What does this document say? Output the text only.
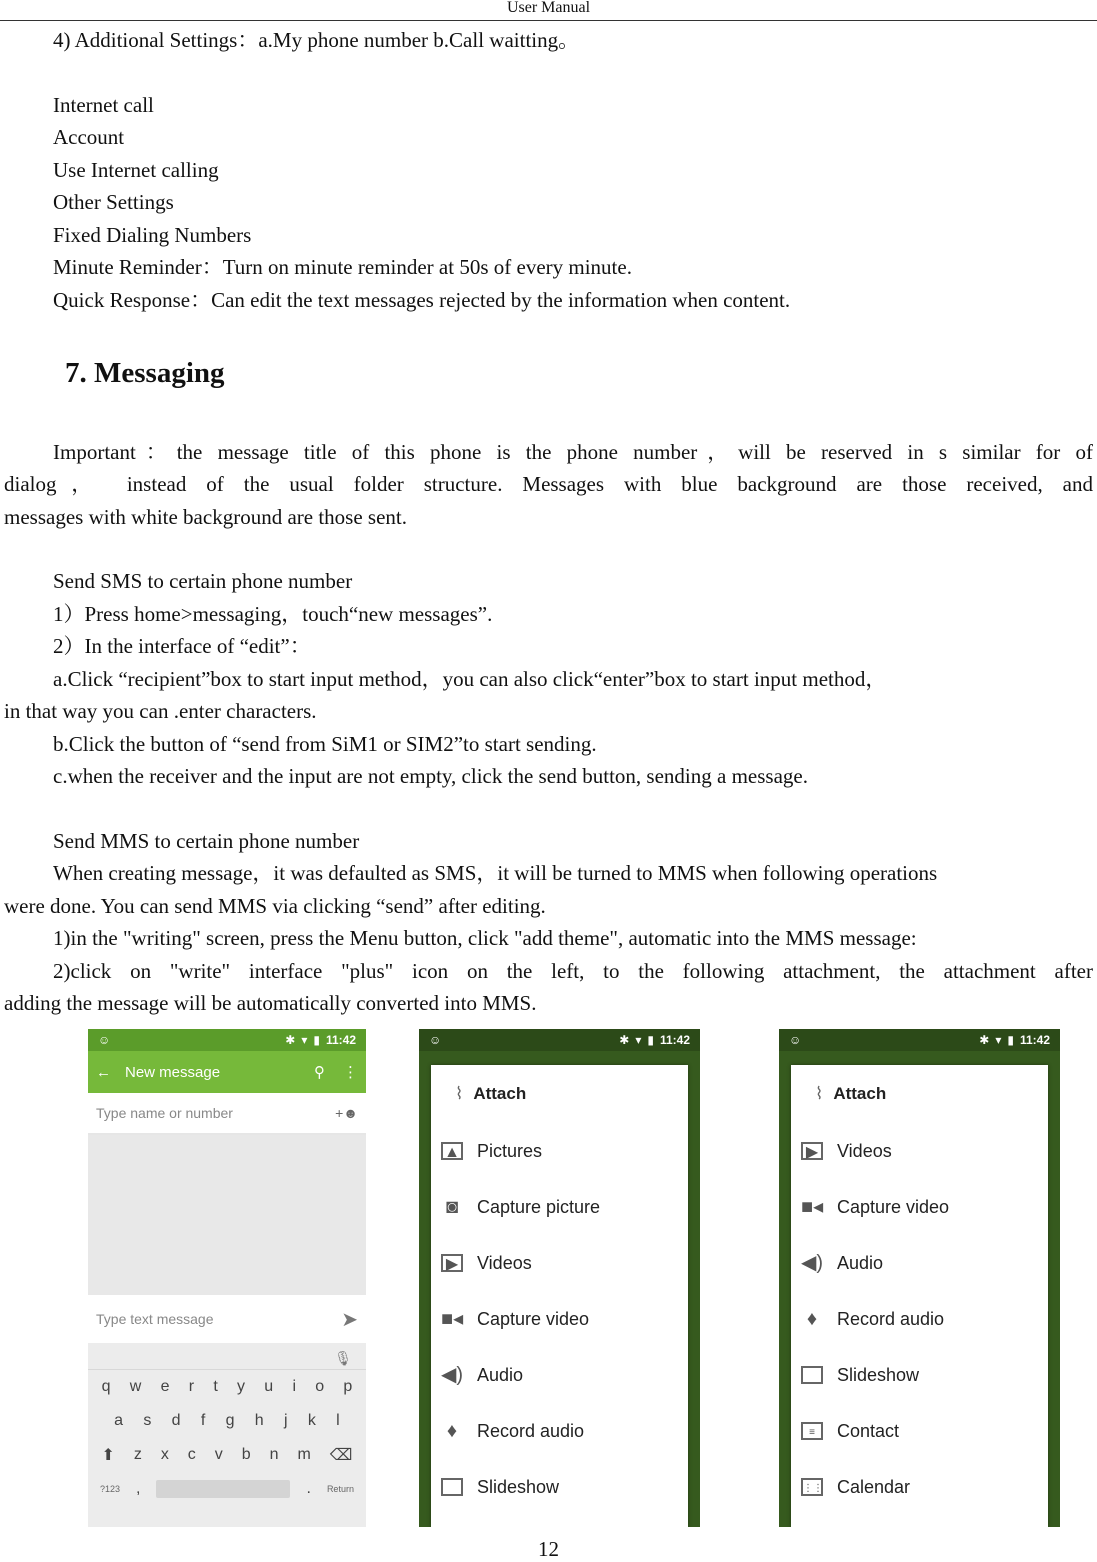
User Manual
4) Additional Settings：a.My phone number b.Call waitting。
Internet call
Account
Use Internet calling
Other Settings
Fixed Dialing Numbers
Minute Reminder：Turn on minute reminder at 50s of every minute.
Quick Response：Can edit the text messages rejected by the information when content.
7. Messaging
Important：the message title of this phone is the phone number，will be reserved in s similar for of
dialog， instead of the usual folder structure. Messages with blue background are those received, and
messages with white background are those sent.
Send SMS to certain phone number
1）Press home>messaging，touch“new messages”.
2）In the interface of “edit”：
a.Click “recipient”box to start input method，you can also click“enter”box to start input method，
in that way you can .enter characters.
b.Click the button of “send from SiM1 or SIM2”to start sending.
c.when the receiver and the input are not empty, click the send button, sending a message.
Send MMS to certain phone number
When creating message，it was defaulted as SMS，it will be turned to MMS when following operations
were done. You can send MMS via clicking “send” after editing.
1)in the "writing" screen, press the Menu button, click "add theme", automatic into the MMS message:
2)click on "write" interface "plus" icon on the left, to the following attachment, the attachment after
adding the message will be automatically converted into MMS.
☺	✱ ▾ ▮ 11:42
← New message	⚲ ⋮
Type name or number	+☻
Type text message	➤
🎙
q w e r t y u i o p
a s d f g h j k l
⬆ z x c v b n m ⌫
?123 ,	. Return
☺	✱ ▾ ▮ 11:42
⌇ Attach
▲ Pictures
◙ Capture picture
▶ Videos
■◂ Capture video
◀) Audio
♦	Record audio
Slideshow
☺	✱ ▾ ▮ 11:42
⌇ Attach
▶ Videos
■◂ Capture video
◀) Audio
♦	Record audio
Slideshow
≡	Contact
⋮⋮ Calendar
12
